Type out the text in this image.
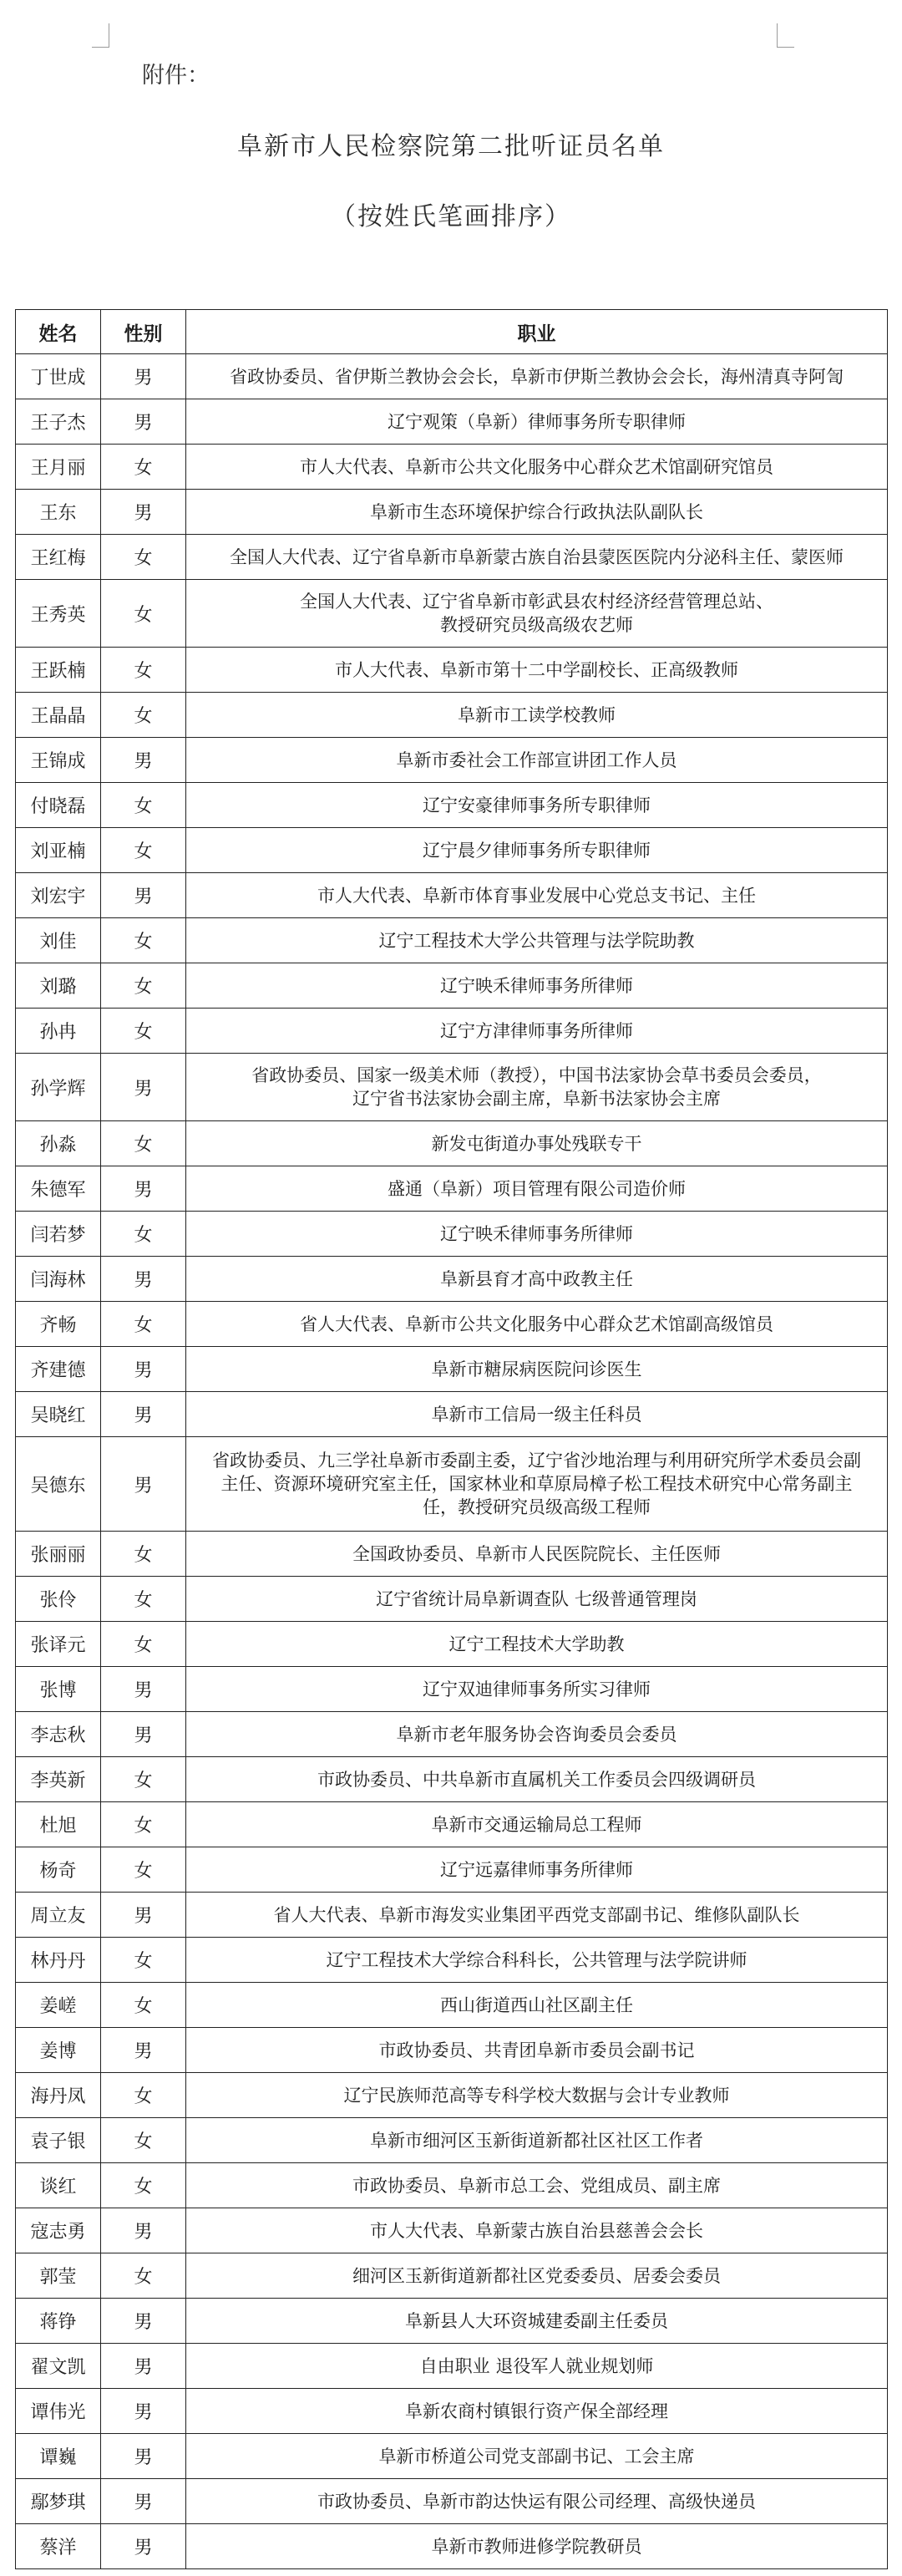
附件：
阜新市人民检察院第二批听证员名单
（按姓氏笔画排序）
姓名	性别	职业
丁世成	男	省政协委员、省伊斯兰教协会会长，阜新市伊斯兰教协会会长，海州清真寺阿訇
王子杰	男	辽宁观策（阜新）律师事务所专职律师
王月丽	女	市人大代表、阜新市公共文化服务中心群众艺术馆副研究馆员
王东	男	阜新市生态环境保护综合行政执法队副队长
王红梅	女	全国人大代表、辽宁省阜新市阜新蒙古族自治县蒙医医院内分泌科主任、蒙医师
王秀英	女	全国人大代表、辽宁省阜新市彰武县农村经济经营管理总站、
教授研究员级高级农艺师

王跃楠	女	市人大代表、阜新市第十二中学副校长、正高级教师
王晶晶	女	阜新市工读学校教师
王锦成	男	阜新市委社会工作部宣讲团工作人员
付晓磊	女	辽宁安豪律师事务所专职律师
刘亚楠	女	辽宁晨夕律师事务所专职律师
刘宏宇	男	市人大代表、阜新市体育事业发展中心党总支书记、主任
刘佳	女	辽宁工程技术大学公共管理与法学院助教
刘璐	女	辽宁映禾律师事务所律师
孙冉	女	辽宁方津律师事务所律师
孙学辉	男	省政协委员、国家一级美术师（教授），中国书法家协会草书委员会委员，
辽宁省书法家协会副主席，阜新书法家协会主席

孙淼	女	新发屯街道办事处残联专干
朱德军	男	盛通（阜新）项目管理有限公司造价师
闫若梦	女	辽宁映禾律师事务所律师
闫海林	男	阜新县育才高中政教主任
齐畅	女	省人大代表、阜新市公共文化服务中心群众艺术馆副高级馆员
齐建德	男	阜新市糖尿病医院问诊医生
吴晓红	男	阜新市工信局一级主任科员
吴德东	男	省政协委员、九三学社阜新市委副主委，辽宁省沙地治理与利用研究所学术委员会副
主任、资源环境研究室主任，国家林业和草原局樟子松工程技术研究中心常务副主
任，教授研究员级高级工程师

张丽丽	女	全国政协委员、阜新市人民医院院长、主任医师
张伶	女	辽宁省统计局阜新调查队 七级普通管理岗
张译元	女	辽宁工程技术大学助教
张博	男	辽宁双迪律师事务所实习律师
李志秋	男	阜新市老年服务协会咨询委员会委员
李英新	女	市政协委员、中共阜新市直属机关工作委员会四级调研员
杜旭	女	阜新市交通运输局总工程师
杨奇	女	辽宁远嘉律师事务所律师
周立友	男	省人大代表、阜新市海发实业集团平西党支部副书记、维修队副队长
林丹丹	女	辽宁工程技术大学综合科科长，公共管理与法学院讲师
姜嵯	女	西山街道西山社区副主任
姜博	男	市政协委员、共青团阜新市委员会副书记
海丹凤	女	辽宁民族师范高等专科学校大数据与会计专业教师
袁子银	女	阜新市细河区玉新街道新都社区社区工作者
谈红	女	市政协委员、阜新市总工会、党组成员、副主席
寇志勇	男	市人大代表、阜新蒙古族自治县慈善会会长
郭莹	女	细河区玉新街道新都社区党委委员、居委会委员
蒋铮	男	阜新县人大环资城建委副主任委员
翟文凯	男	自由职业 退役军人就业规划师
谭伟光	男	阜新农商村镇银行资产保全部经理
谭巍	男	阜新市桥道公司党支部副书记、工会主席
鄢梦琪	男	市政协委员、阜新市韵达快运有限公司经理、高级快递员
蔡洋	男	阜新市教师进修学院教研员
